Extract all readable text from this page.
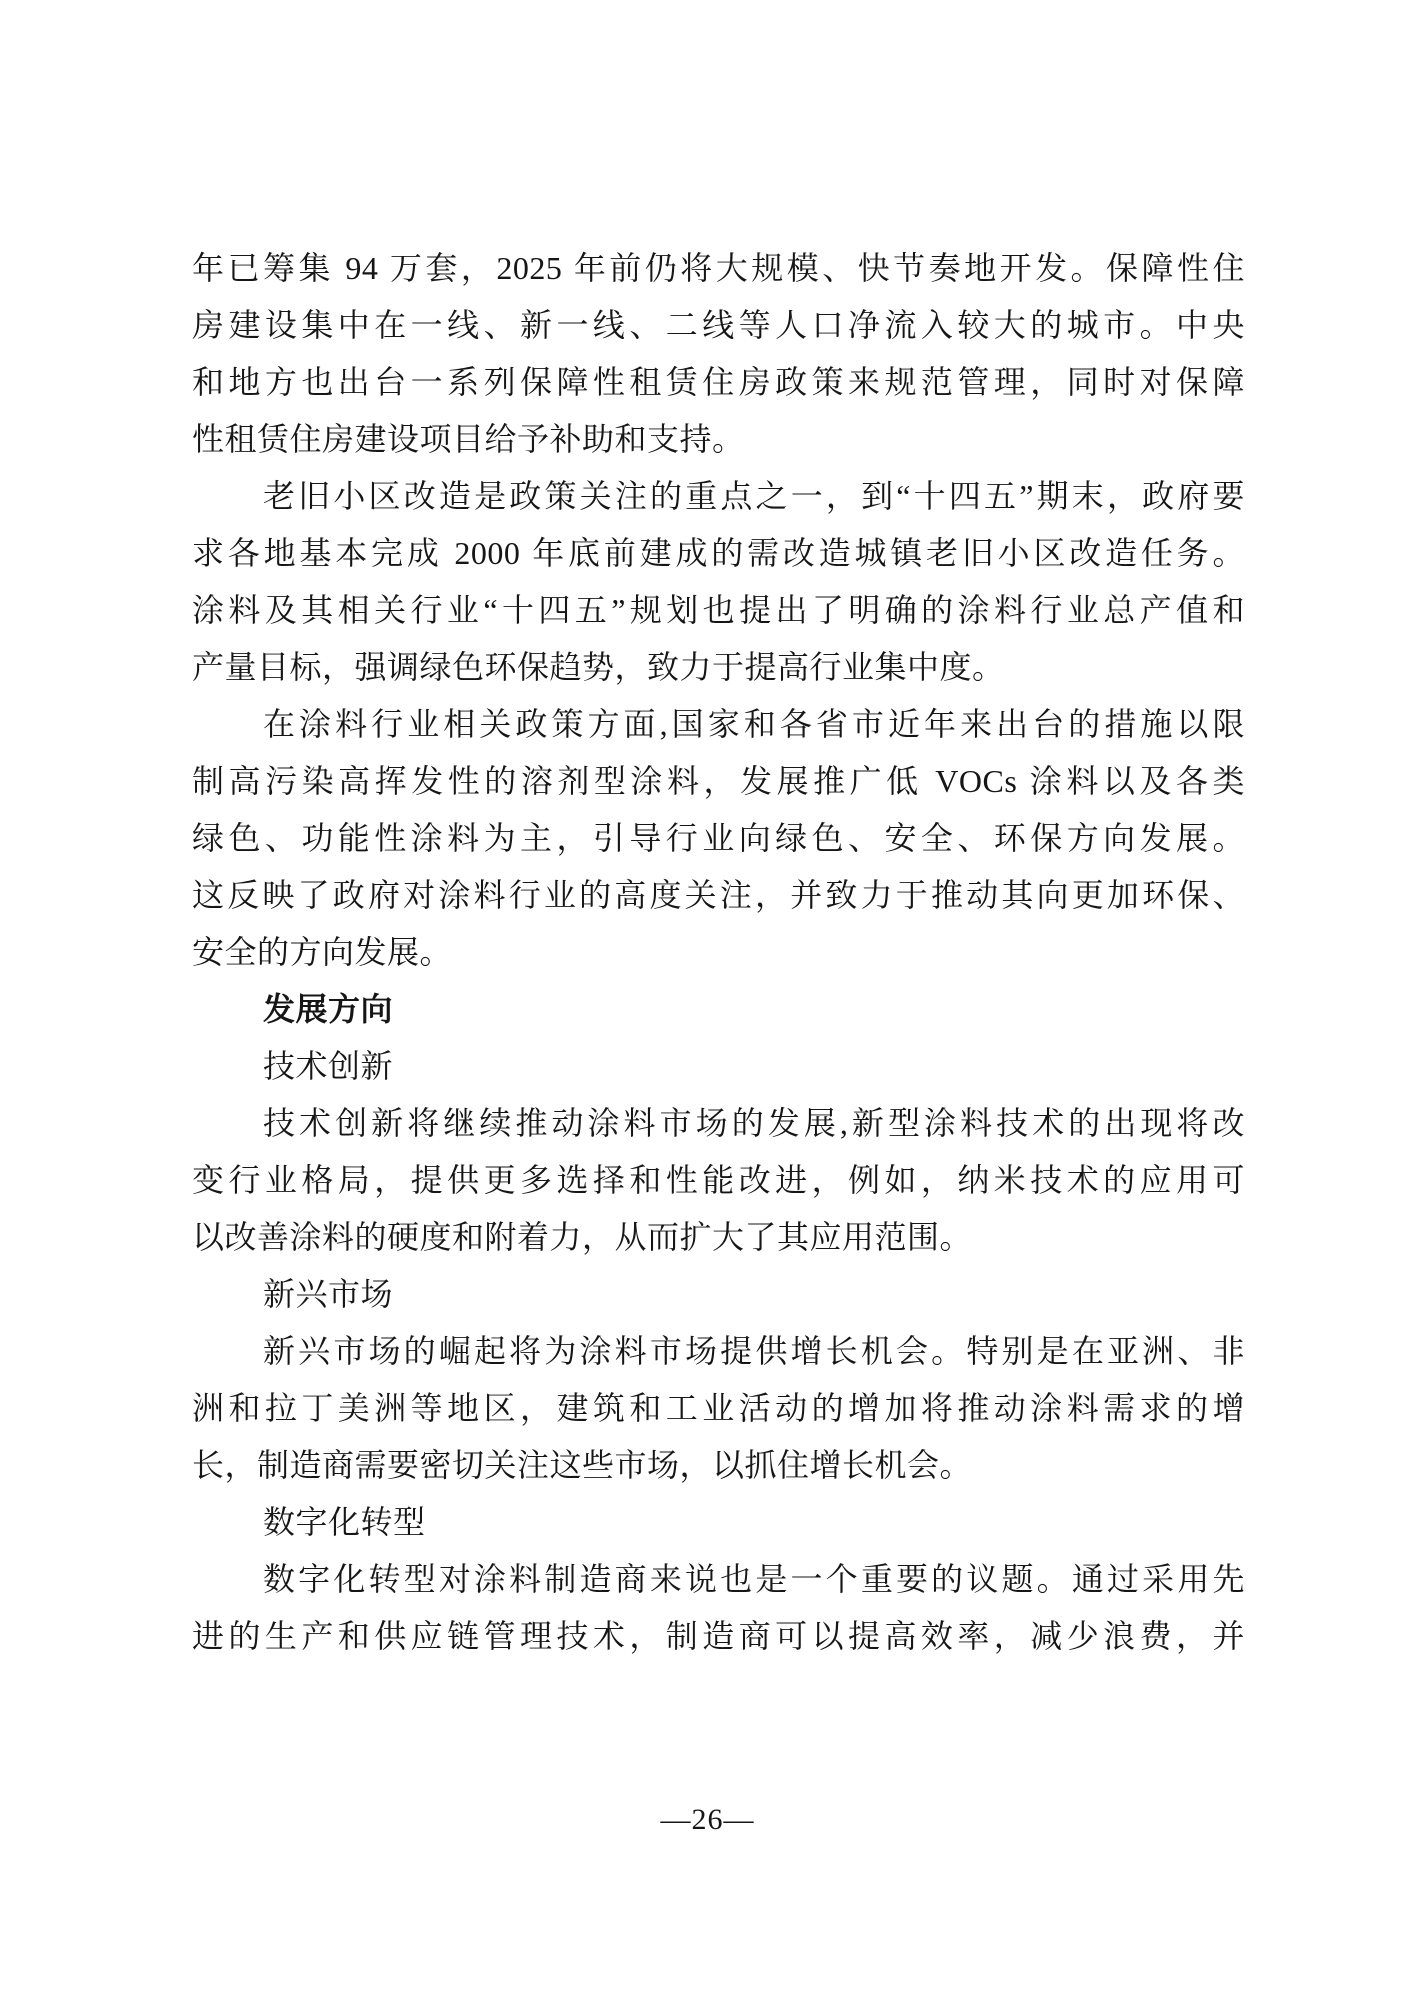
年已筹集 94 万套，2025 年前仍将大规模、快节奏地开发。保障性住
房建设集中在一线、新一线、二线等人口净流入较大的城市。中央
和地方也出台一系列保障性租赁住房政策来规范管理，同时对保障
性租赁住房建设项目给予补助和支持。
老旧小区改造是政策关注的重点之一，到“十四五”期末，政府要
求各地基本完成 2000 年底前建成的需改造城镇老旧小区改造任务。
涂料及其相关行业“十四五”规划也提出了明确的涂料行业总产值和
产量目标，强调绿色环保趋势，致力于提高行业集中度。
在涂料行业相关政策方面,国家和各省市近年来出台的措施以限
制高污染高挥发性的溶剂型涂料，发展推广低 VOCs 涂料以及各类
绿色、功能性涂料为主，引导行业向绿色、安全、环保方向发展。
这反映了政府对涂料行业的高度关注，并致力于推动其向更加环保、
安全的方向发展。
发展方向
技术创新
技术创新将继续推动涂料市场的发展,新型涂料技术的出现将改
变行业格局，提供更多选择和性能改进，例如，纳米技术的应用可
以改善涂料的硬度和附着力，从而扩大了其应用范围。
新兴市场
新兴市场的崛起将为涂料市场提供增长机会。特别是在亚洲、非
洲和拉丁美洲等地区，建筑和工业活动的增加将推动涂料需求的增
长，制造商需要密切关注这些市场，以抓住增长机会。
数字化转型
数字化转型对涂料制造商来说也是一个重要的议题。通过采用先
进的生产和供应链管理技术，制造商可以提高效率，减少浪费，并
—26—
